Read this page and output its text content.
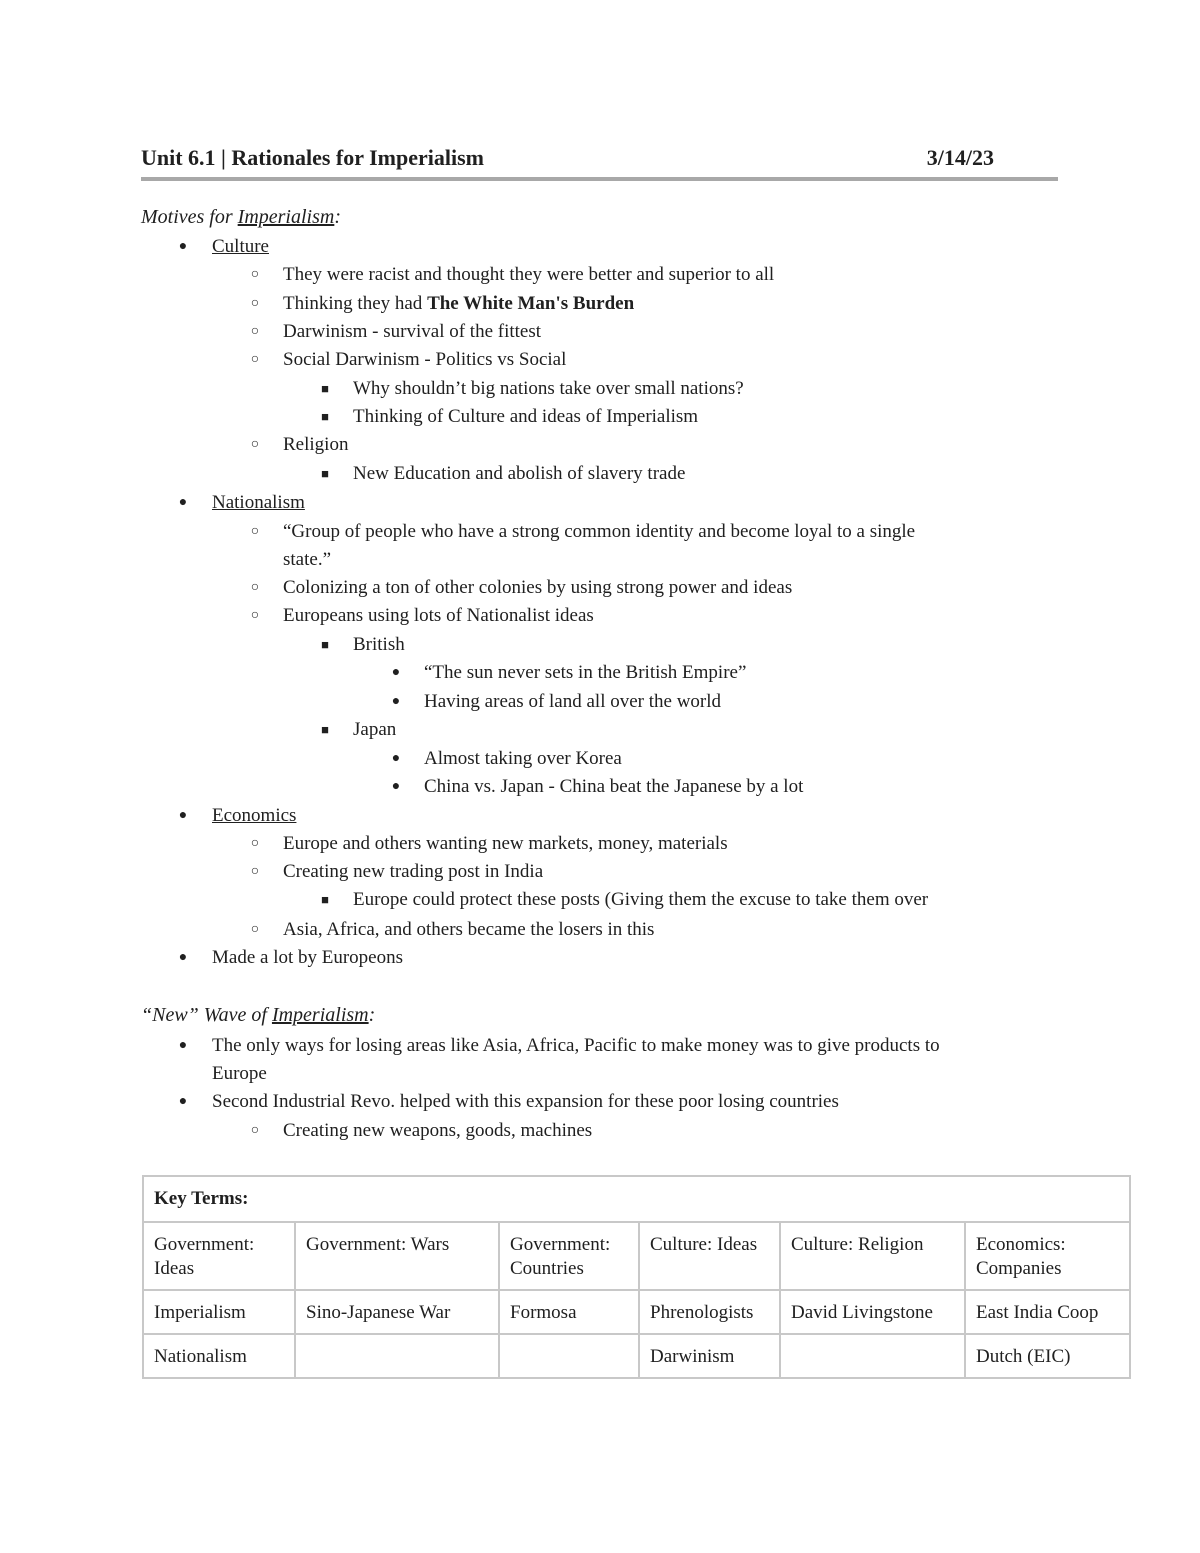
Unit 6.1 | Rationales for Imperialism	3/14/23
Motives for Imperialism:
●	Culture
○	They were racist and thought they were better and superior to all
○	Thinking they had The White Man's Burden
○	Darwinism - survival of the fittest
○	Social Darwinism - Politics vs Social
■	Why shouldn’t big nations take over small nations?
■	Thinking of Culture and ideas of Imperialism
○	Religion
■	New Education and abolish of slavery trade
●	Nationalism
○	“Group of people who have a strong common identity and become loyal to a single
state.”
○	Colonizing a ton of other colonies by using strong power and ideas
○	Europeans using lots of Nationalist ideas
■	British
●	“The sun never sets in the British Empire”
●	Having areas of land all over the world
■	Japan
●	Almost taking over Korea
●	China vs. Japan - China beat the Japanese by a lot
●	Economics
○	Europe and others wanting new markets, money, materials
○	Creating new trading post in India
■	Europe could protect these posts (Giving them the excuse to take them over
○	Asia, Africa, and others became the losers in this
●	Made a lot by Europeons
“New” Wave of Imperialism:
●	The only ways for losing areas like Asia, Africa, Pacific to make money was to give products to
Europe
●	Second Industrial Revo. helped with this expansion for these poor losing countries
○	Creating new weapons, goods, machines
Key Terms:					
Government: Ideas	Government: Wars	Government: Countries	Culture: Ideas	Culture: Religion	Economics: Companies
Imperialism	Sino-Japanese War	Formosa	Phrenologists	David Livingstone	East India Coop
Nationalism			Darwinism		Dutch (EIC)
